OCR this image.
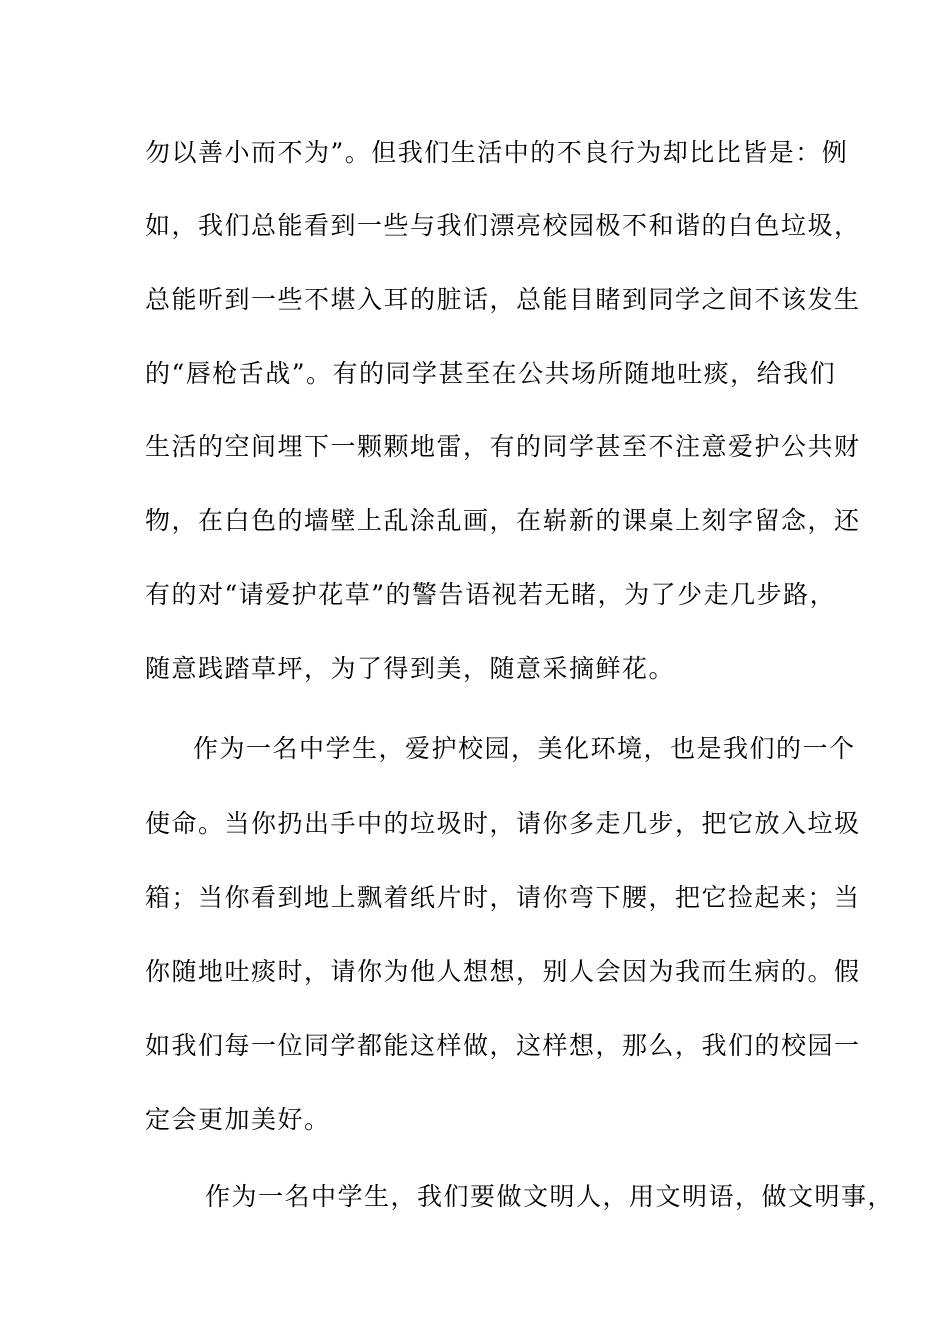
勿以善小而不为”。但我们生活中的不良行为却比比皆是：例
如，我们总能看到一些与我们漂亮校园极不和谐的白色垃圾，
总能听到一些不堪入耳的脏话，总能目睹到同学之间不该发生
的“唇枪舌战”。有的同学甚至在公共场所随地吐痰，给我们
生活的空间埋下一颗颗地雷，有的同学甚至不注意爱护公共财
物，在白色的墙壁上乱涂乱画，在崭新的课桌上刻字留念，还
有的对“请爱护花草”的警告语视若无睹，为了少走几步路，
随意践踏草坪，为了得到美，随意采摘鲜花。
作为一名中学生，爱护校园，美化环境，也是我们的一个
使命。当你扔出手中的垃圾时，请你多走几步，把它放入垃圾
箱；当你看到地上飘着纸片时，请你弯下腰，把它捡起来；当
你随地吐痰时，请你为他人想想，别人会因为我而生病的。假
如我们每一位同学都能这样做，这样想，那么，我们的校园一
定会更加美好。
作为一名中学生，我们要做文明人，用文明语，做文明事，
